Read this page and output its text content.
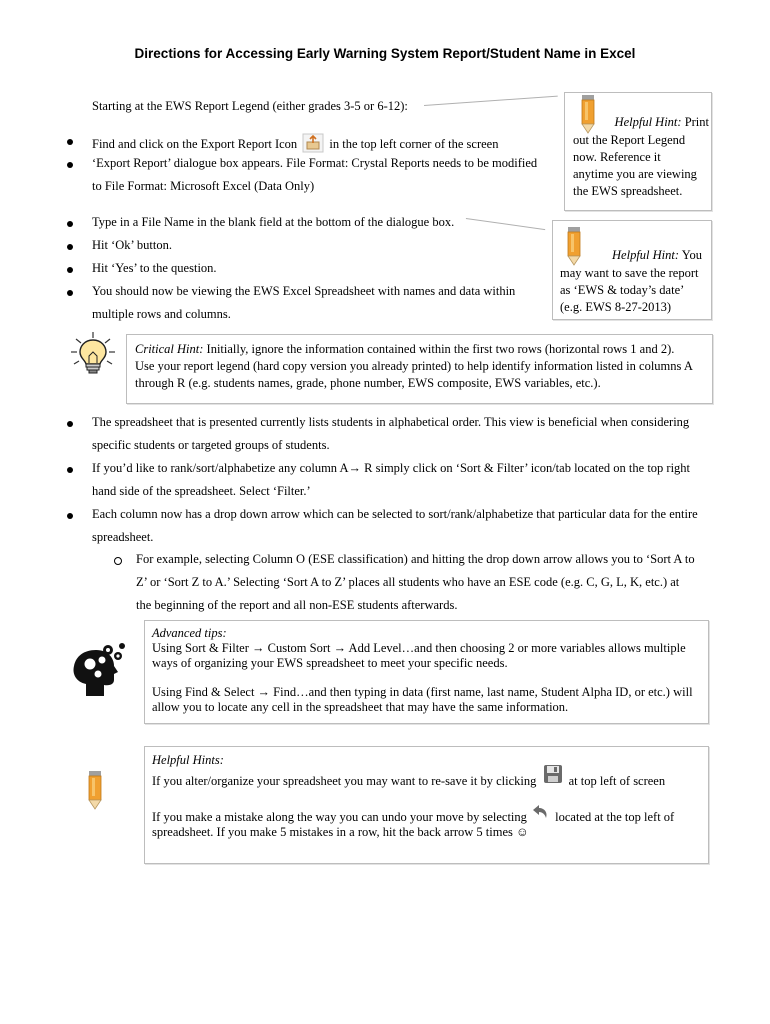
Directions for Accessing Early Warning System Report/Student Name in Excel
Starting at the EWS Report Legend (either grades 3-5 or 6-12):
Find and click on the Export Report Icon	in the top left corner of the screen
‘Export Report’ dialogue box appears. File Format: Crystal Reports needs to be modified
to File Format: Microsoft Excel (Data Only)
Helpful Hint: Print
out the Report Legend
now. Reference it
anytime you are viewing
the EWS spreadsheet.
Type in a File Name in the blank field at the bottom of the dialogue box.
Hit ‘Ok’ button.
Hit ‘Yes’ to the question.
You should now be viewing the EWS Excel Spreadsheet with names and data within
multiple rows and columns.
Helpful Hint: You
may want to save the report
as ‘EWS & today’s date’
(e.g. EWS 8-27-2013)
Critical Hint: Initially, ignore the information contained within the first two rows (horizontal rows 1 and 2).
Use your report legend (hard copy version you already printed) to help identify information listed in columns A
through R (e.g. students names, grade, phone number, EWS composite, EWS variables, etc.).
The spreadsheet that is presented currently lists students in alphabetical order. This view is beneficial when considering
specific students or targeted groups of students.
If you’d like to rank/sort/alphabetize any column A→ R simply click on ‘Sort & Filter’ icon/tab located on the top right
hand side of the spreadsheet. Select ‘Filter.’
Each column now has a drop down arrow which can be selected to sort/rank/alphabetize that particular data for the entire
spreadsheet.
For example, selecting Column O (ESE classification) and hitting the drop down arrow allows you to ‘Sort A to
Z’ or ‘Sort Z to A.’ Selecting ‘Sort A to Z’ places all students who have an ESE code (e.g. C, G, L, K, etc.) at
the beginning of the report and all non-ESE students afterwards.
Advanced tips:
Using Sort & Filter → Custom Sort → Add Level…and then choosing 2 or more variables allows multiple
ways of organizing your EWS spreadsheet to meet your specific needs.
Using Find & Select → Find…and then typing in data (first name, last name, Student Alpha ID, or etc.) will
allow you to locate any cell in the spreadsheet that may have the same information.
Helpful Hints:
If you alter/organize your spreadsheet you may want to re-save it by clicking	at top left of screen
If you make a mistake along the way you can undo your move by selecting located at the top left of
spreadsheet. If you make 5 mistakes in a row, hit the back arrow 5 times ☺
